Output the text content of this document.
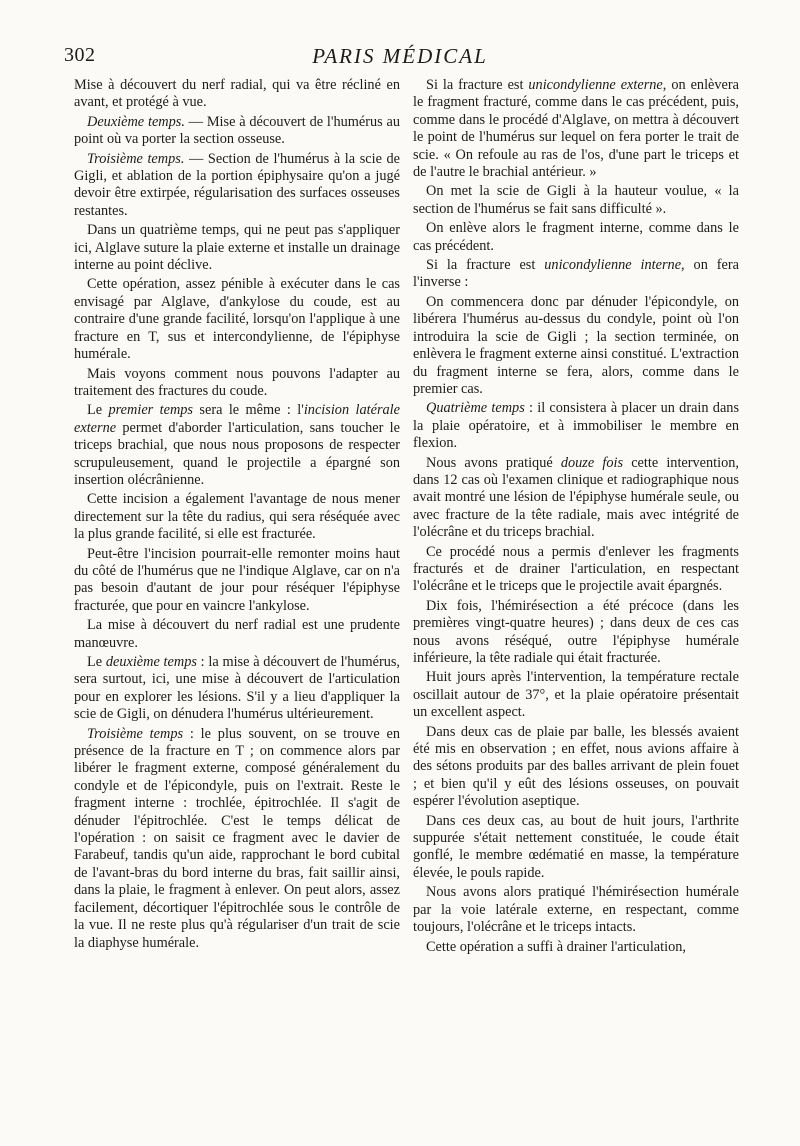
302	PARIS MÉDICAL

Mise à découvert du nerf radial, qui va être récliné en avant, et protégé à vue.

Deuxième temps. — Mise à découvert de l'humérus au point où va porter la section osseuse.

Troisième temps. — Section de l'humérus à la scie de Gigli, et ablation de la portion épiphysaire qu'on a jugé devoir être extirpée, régularisation des surfaces osseuses restantes.

Dans un quatrième temps, qui ne peut pas s'appliquer ici, Alglave suture la plaie externe et installe un drainage interne au point déclive.

Cette opération, assez pénible à exécuter dans le cas envisagé par Alglave, d'ankylose du coude, est au contraire d'une grande facilité, lorsqu'on l'applique à une fracture en T, sus et intercondylienne, de l'épiphyse humérale.

Mais voyons comment nous pouvons l'adapter au traitement des fractures du coude.

Le premier temps sera le même : l'incision latérale externe permet d'aborder l'articulation, sans toucher le triceps brachial, que nous nous proposons de respecter scrupuleusement, quand le projectile a épargné son insertion olécrânienne.

Cette incision a également l'avantage de nous mener directement sur la tête du radius, qui sera réséquée avec la plus grande facilité, si elle est fracturée.

Peut-être l'incision pourrait-elle remonter moins haut du côté de l'humérus que ne l'indique Alglave, car on n'a pas besoin d'autant de jour pour réséquer l'épiphyse fracturée, que pour en vaincre l'ankylose.

La mise à découvert du nerf radial est une prudente manœuvre.

Le deuxième temps : la mise à découvert de l'humérus, sera surtout, ici, une mise à découvert de l'articulation pour en explorer les lésions. S'il y a lieu d'appliquer la scie de Gigli, on dénudera l'humérus ultérieurement.

Troisième temps : le plus souvent, on se trouve en présence de la fracture en T ; on commence alors par libérer le fragment externe, composé généralement du condyle et de l'épicondyle, puis on l'extrait. Reste le fragment interne : trochlée, épitrochlée. Il s'agit de dénuder l'épitrochlée. C'est le temps délicat de l'opération : on saisit ce fragment avec le davier de Farabeuf, tandis qu'un aide, rapprochant le bord cubital de l'avant-bras du bord interne du bras, fait saillir ainsi, dans la plaie, le fragment à enlever. On peut alors, assez facilement, décortiquer l'épitrochlée sous le contrôle de la vue. Il ne reste plus qu'à régulariser d'un trait de scie la diaphyse humérale.

Si la fracture est unicondylienne externe, on enlèvera le fragment fracturé, comme dans le cas précédent, puis, comme dans le procédé d'Alglave, on mettra à découvert le point de l'humérus sur lequel on fera porter le trait de scie. « On refoule au ras de l'os, d'une part le triceps et de l'autre le brachial antérieur. »

On met la scie de Gigli à la hauteur voulue, « la section de l'humérus se fait sans difficulté ».

On enlève alors le fragment interne, comme dans le cas précédent.

Si la fracture est unicondylienne interne, on fera l'inverse :

On commencera donc par dénuder l'épicondyle, on libérera l'humérus au-dessus du condyle, point où l'on introduira la scie de Gigli ; la section terminée, on enlèvera le fragment externe ainsi constitué. L'extraction du fragment interne se fera, alors, comme dans le premier cas.

Quatrième temps : il consistera à placer un drain dans la plaie opératoire, et à immobiliser le membre en flexion.

Nous avons pratiqué douze fois cette intervention, dans 12 cas où l'examen clinique et radiographique nous avait montré une lésion de l'épiphyse humérale seule, ou avec fracture de la tête radiale, mais avec intégrité de l'olécrâne et du triceps brachial.

Ce procédé nous a permis d'enlever les fragments fracturés et de drainer l'articulation, en respectant l'olécrâne et le triceps que le projectile avait épargnés.

Dix fois, l'hémirésection a été précoce (dans les premières vingt-quatre heures) ; dans deux de ces cas nous avons réséqué, outre l'épiphyse humérale inférieure, la tête radiale qui était fracturée.

Huit jours après l'intervention, la température rectale oscillait autour de 37°, et la plaie opératoire présentait un excellent aspect.

Dans deux cas de plaie par balle, les blessés avaient été mis en observation ; en effet, nous avions affaire à des sétons produits par des balles arrivant de plein fouet ; et bien qu'il y eût des lésions osseuses, on pouvait espérer l'évolution aseptique.

Dans ces deux cas, au bout de huit jours, l'arthrite suppurée s'était nettement constituée, le coude était gonflé, le membre œdématié en masse, la température élevée, le pouls rapide.

Nous avons alors pratiqué l'hémirésection humérale par la voie latérale externe, en respectant, comme toujours, l'olécrâne et le triceps intacts.

Cette opération a suffi à drainer l'articulation,
